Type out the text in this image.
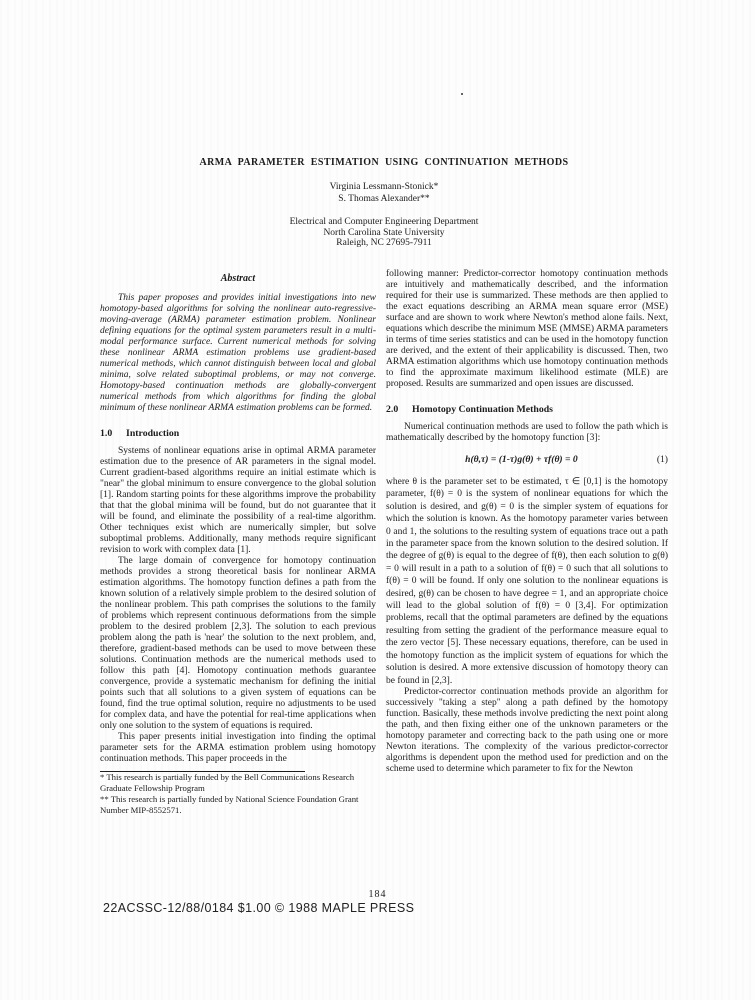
ARMA PARAMETER ESTIMATION USING CONTINUATION METHODS
Virginia Lessmann-Stonick*
S. Thomas Alexander**
Electrical and Computer Engineering Department
North Carolina State University
Raleigh, NC 27695-7911
Abstract

This paper proposes and provides initial investigations into new homotopy-based algorithms for solving the nonlinear auto-regressive-moving-average (ARMA) parameter estimation problem. Nonlinear defining equations for the optimal system parameters result in a multi-modal performance surface. Current numerical methods for solving these nonlinear ARMA estimation problems use gradient-based numerical methods, which cannot distinguish between local and global minima, solve related suboptimal problems, or may not converge. Homotopy-based continuation methods are globally-convergent numerical methods from which algorithms for finding the global minimum of these nonlinear ARMA estimation problems can be formed.

1.0 Introduction

Systems of nonlinear equations arise in optimal ARMA parameter estimation due to the presence of AR parameters in the signal model. Current gradient-based algorithms require an initial estimate which is "near" the global minimum to ensure convergence to the global solution [1]. Random starting points for these algorithms improve the probability that that the global minima will be found, but do not guarantee that it will be found, and eliminate the possibility of a real-time algorithm. Other techniques exist which are numerically simpler, but solve suboptimal problems. Additionally, many methods require significant revision to work with complex data [1].

The large domain of convergence for homotopy continuation methods provides a strong theoretical basis for nonlinear ARMA estimation algorithms. The homotopy function defines a path from the known solution of a relatively simple problem to the desired solution of the nonlinear problem. This path comprises the solutions to the family of problems which represent continuous deformations from the simple problem to the desired problem [2,3]. The solution to each previous problem along the path is 'near' the solution to the next problem, and, therefore, gradient-based methods can be used to move between these solutions. Continuation methods are the numerical methods used to follow this path [4]. Homotopy continuation methods guarantee convergence, provide a systematic mechanism for defining the initial points such that all solutions to a given system of equations can be found, find the true optimal solution, require no adjustments to be used for complex data, and have the potential for real-time applications when only one solution to the system of equations is required.

This paper presents initial investigation into finding the optimal parameter sets for the ARMA estimation problem using homotopy continuation methods. This paper proceeds in the

* This research is partially funded by the Bell Communications Research Graduate Fellowship Program

** This research is partially funded by National Science Foundation Grant Number MIP-8552571.

following manner: Predictor-corrector homotopy continuation methods are intuitively and mathematically described, and the information required for their use is summarized. These methods are then applied to the exact equations describing an ARMA mean square error (MSE) surface and are shown to work where Newton's method alone fails. Next, equations which describe the minimum MSE (MMSE) ARMA parameters in terms of time series statistics and can be used in the homotopy function are derived, and the extent of their applicability is discussed. Then, two ARMA estimation algorithms which use homotopy continuation methods to find the approximate maximum likelihood estimate (MLE) are proposed. Results are summarized and open issues are discussed.

2.0 Homotopy Continuation Methods

Numerical continuation methods are used to follow the path which is mathematically described by the homotopy function [3]:

h(θ,τ) = (1-τ)g(θ) + τf(θ) = 0	(1)

where θ is the parameter set to be estimated, τ ∈ [0,1] is the homotopy parameter, f(θ) = 0 is the system of nonlinear equations for which the solution is desired, and g(θ) = 0 is the simpler system of equations for which the solution is known. As the homotopy parameter varies between 0 and 1, the solutions to the resulting system of equations trace out a path in the parameter space from the known solution to the desired solution. If the degree of g(θ) is equal to the degree of f(θ), then each solution to g(θ) = 0 will result in a path to a solution of f(θ) = 0 such that all solutions to f(θ) = 0 will be found. If only one solution to the nonlinear equations is desired, g(θ) can be chosen to have degree = 1, and an appropriate choice will lead to the global solution of f(θ) = 0 [3,4]. For optimization problems, recall that the optimal parameters are defined by the equations resulting from setting the gradient of the performance measure equal to the zero vector [5]. These necessary equations, therefore, can be used in the homotopy function as the implicit system of equations for which the solution is desired. A more extensive discussion of homotopy theory can be found in [2,3].

Predictor-corrector continuation methods provide an algorithm for successively "taking a step" along a path defined by the homotopy function. Basically, these methods involve predicting the next point along the path, and then fixing either one of the unknown parameters or the homotopy parameter and correcting back to the path using one or more Newton iterations. The complexity of the various predictor-corrector algorithms is dependent upon the method used for prediction and on the scheme used to determine which parameter to fix for the Newton

184
22ACSSC-12/88/0184 $1.00 © 1988 MAPLE PRESS
